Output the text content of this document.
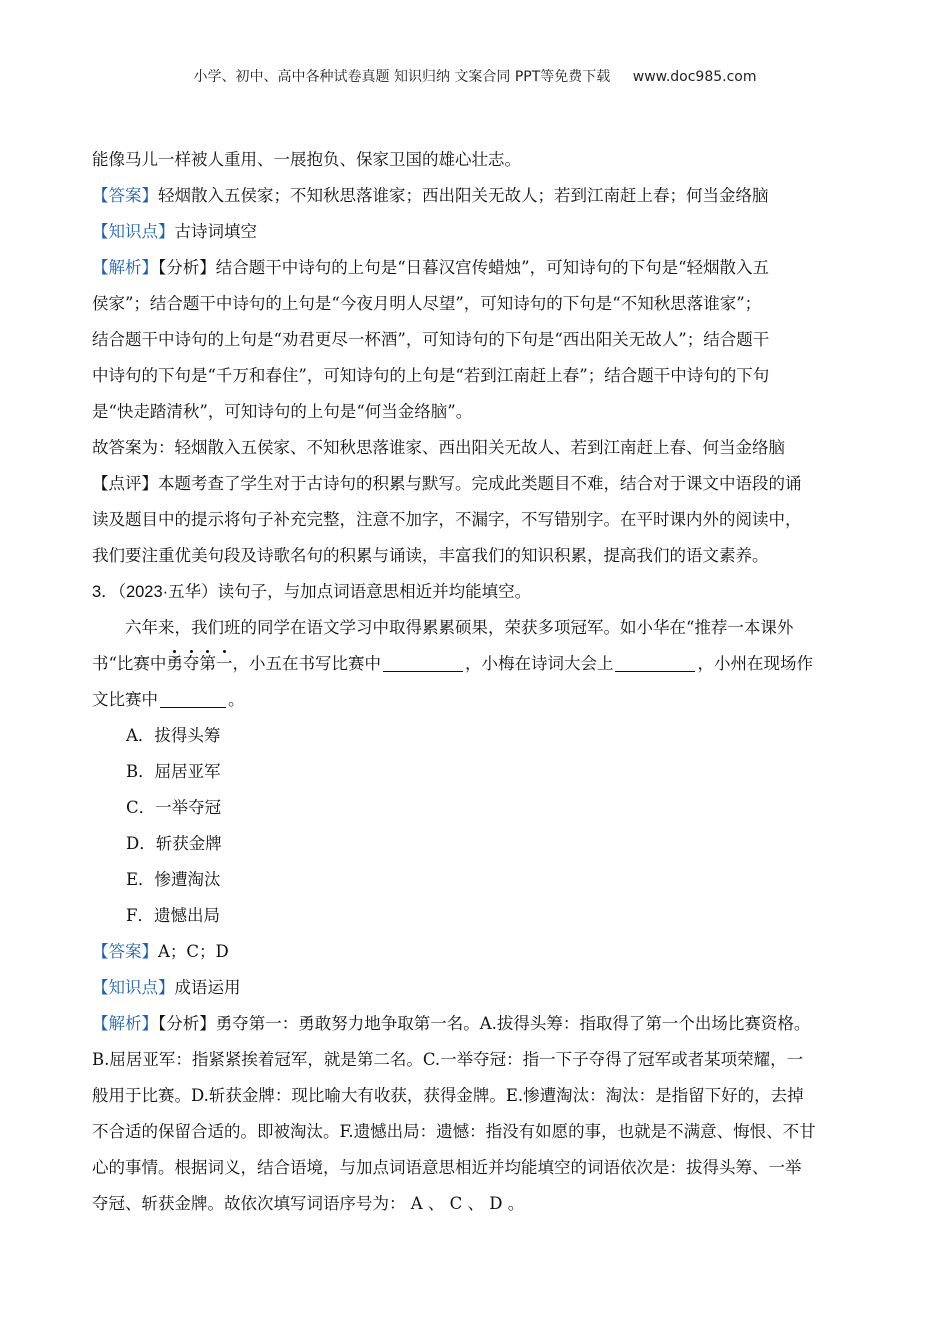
小学、初中、高中各种试卷真题 知识归纳 文案合同 PPT等免费下载 www.doc985.com
能像马儿一样被人重用、一展抱负、保家卫国的雄心壮志。
【答案】轻烟散入五侯家；不知秋思落谁家；西出阳关无故人；若到江南赶上春；何当金络脑
【知识点】古诗词填空
【解析】【分析】结合题干中诗句的上句是“日暮汉宫传蜡烛”，可知诗句的下句是“轻烟散入五
侯家”；结合题干中诗句的上句是“今夜月明人尽望”，可知诗句的下句是“不知秋思落谁家”；
结合题干中诗句的上句是“劝君更尽一杯酒”，可知诗句的下句是“西出阳关无故人”；结合题干
中诗句的下句是“千万和春住”，可知诗句的上句是“若到江南赶上春”；结合题干中诗句的下句
是“快走踏清秋”，可知诗句的上句是“何当金络脑”。
故答案为：轻烟散入五侯家、不知秋思落谁家、西出阳关无故人、若到江南赶上春、何当金络脑
【点评】本题考查了学生对于古诗句的积累与默写。完成此类题目不难，结合对于课文中语段的诵
读及题目中的提示将句子补充完整，注意不加字，不漏字，不写错别字。在平时课内外的阅读中，
我们要注重优美句段及诗歌名句的积累与诵读，丰富我们的知识积累，提高我们的语文素养。
3．（2023·五华）读句子，与加点词语意思相近并均能填空。
六年来，我们班的同学在语文学习中取得累累硕果，荣获多项冠军。如小华在“推荐一本课外
书“比赛中勇夺第一，小五在书写比赛中	，小梅在诗词大会上	，小州在现场作
文比赛中	。
A．拔得头筹
B．屈居亚军
C．一举夺冠
D．斩获金牌
E．惨遭淘汰
F．遗憾出局
【答案】A；C；D
【知识点】成语运用
【解析】【分析】勇夺第一：勇敢努力地争取第一名。A.拔得头筹：指取得了第一个出场比赛资格。
B.屈居亚军：指紧紧挨着冠军，就是第二名。C.一举夺冠：指一下子夺得了冠军或者某项荣耀，一
般用于比赛。D.斩获金牌：现比喻大有收获，获得金牌。E.惨遭淘汰：淘汰：是指留下好的，去掉
不合适的保留合适的。即被淘汰。F.遗憾出局：遗憾：指没有如愿的事，也就是不满意、悔恨、不甘
心的事情。根据词义，结合语境，与加点词语意思相近并均能填空的词语依次是：拔得头筹、一举
夺冠、斩获金牌。故依次填写词语序号为： A 、 C 、 D 。
